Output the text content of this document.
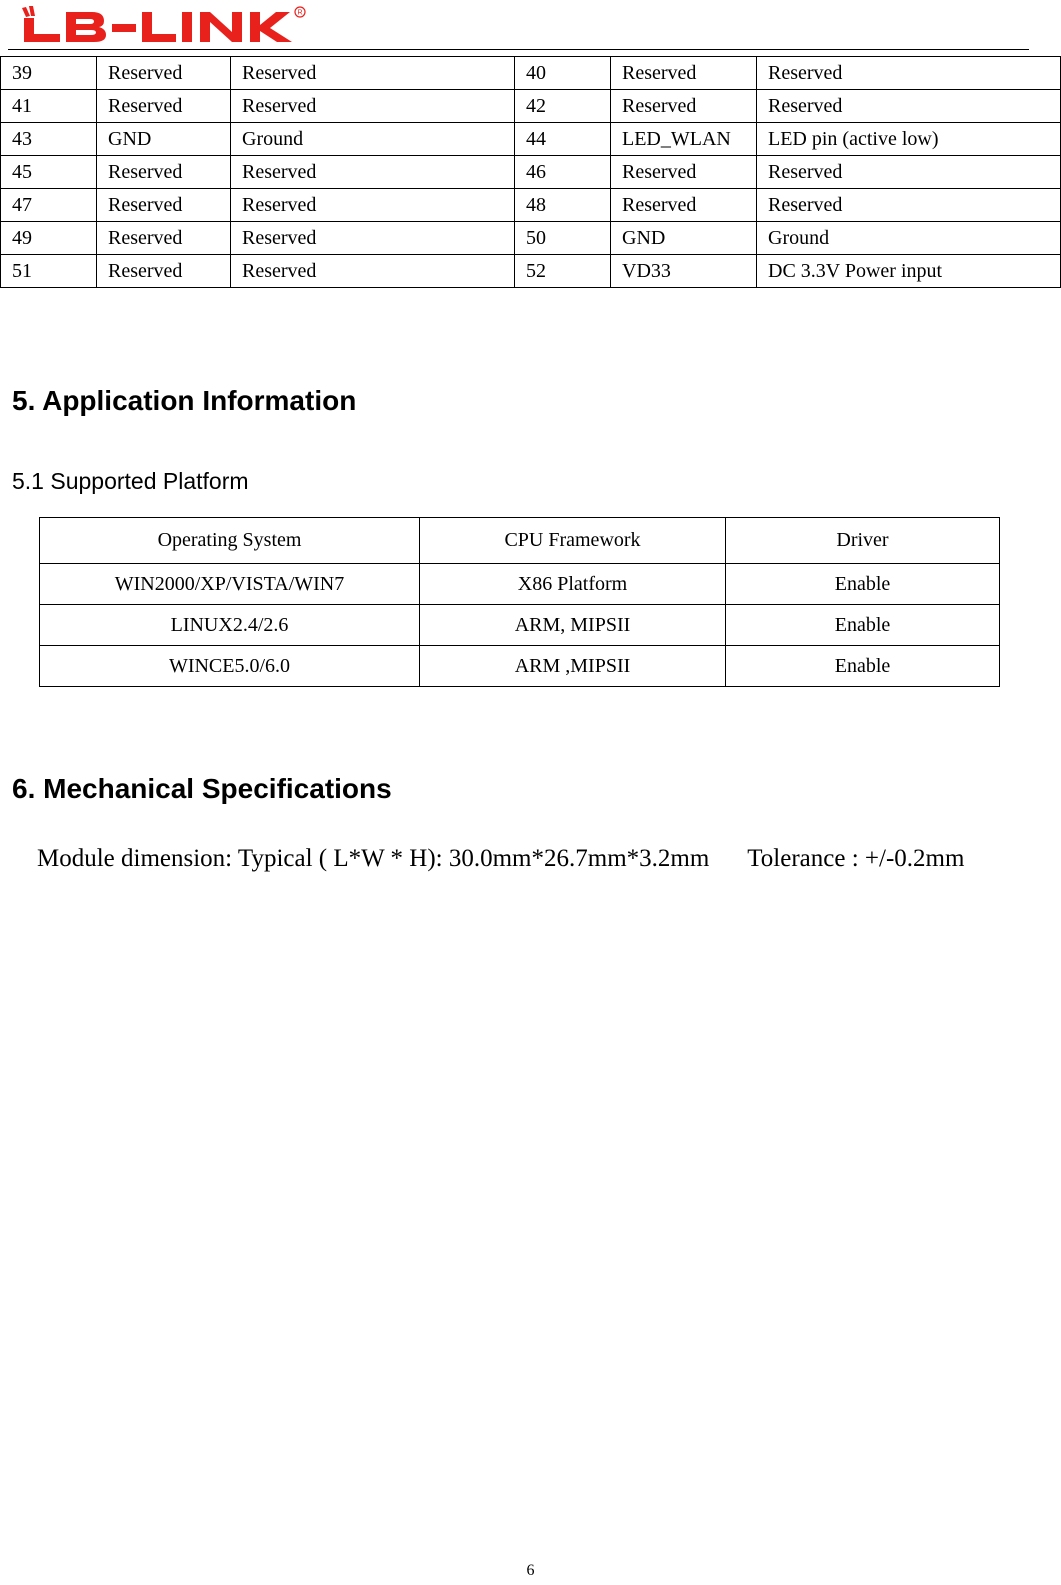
R
39	Reserved	Reserved	40	Reserved	Reserved
41	Reserved	Reserved	42	Reserved	Reserved
43	GND	Ground	44	LED_WLAN	LED pin (active low)
45	Reserved	Reserved	46	Reserved	Reserved
47	Reserved	Reserved	48	Reserved	Reserved
49	Reserved	Reserved	50	GND	Ground
51	Reserved	Reserved	52	VD33	DC 3.3V Power input
5. Application Information
5.1 Supported Platform
Operating System	CPU Framework	Driver
WIN2000/XP/VISTA/WIN7	X86 Platform	Enable
LINUX2.4/2.6	ARM, MIPSII	Enable
WINCE5.0/6.0	ARM ,MIPSII	Enable
6. Mechanical Specifications

Module dimension: Typical ( L*W * H): 30.0mm*26.7mm*3.2mm Tolerance : +/-0.2mm

6
